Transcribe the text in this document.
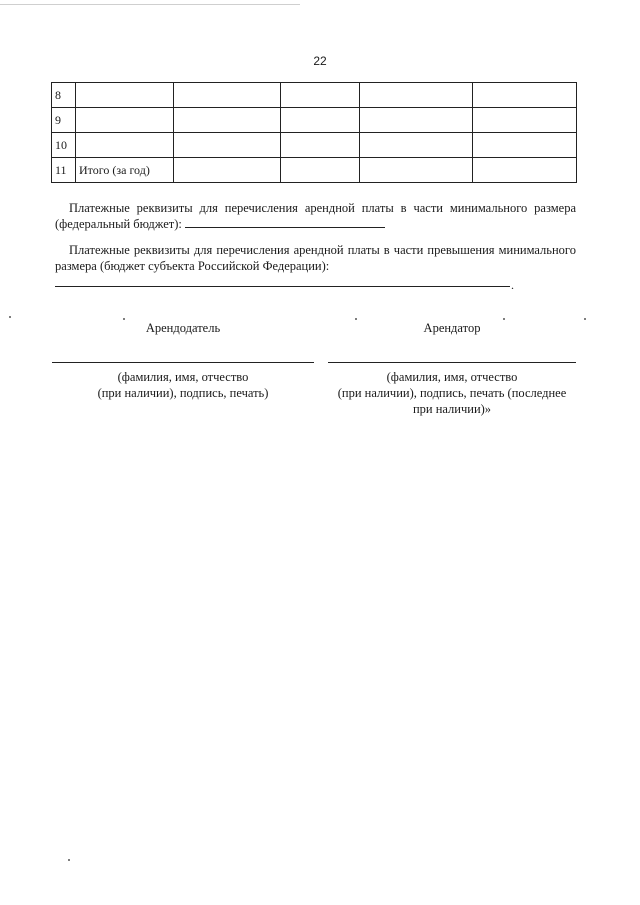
22
8					
9					
10					
11	Итого (за год)				
Платежные реквизиты для перечисления арендной платы в части минимального размера (федеральный бюджет):
Платежные реквизиты для перечисления арендной платы в части превышения минимального размера (бюджет субъекта Российской Федерации):
.
Арендодатель
(фамилия, имя, отчество
(при наличии), подпись, печать)
Арендатор
(фамилия, имя, отчество
(при наличии), подпись, печать (последнее
при наличии)»
